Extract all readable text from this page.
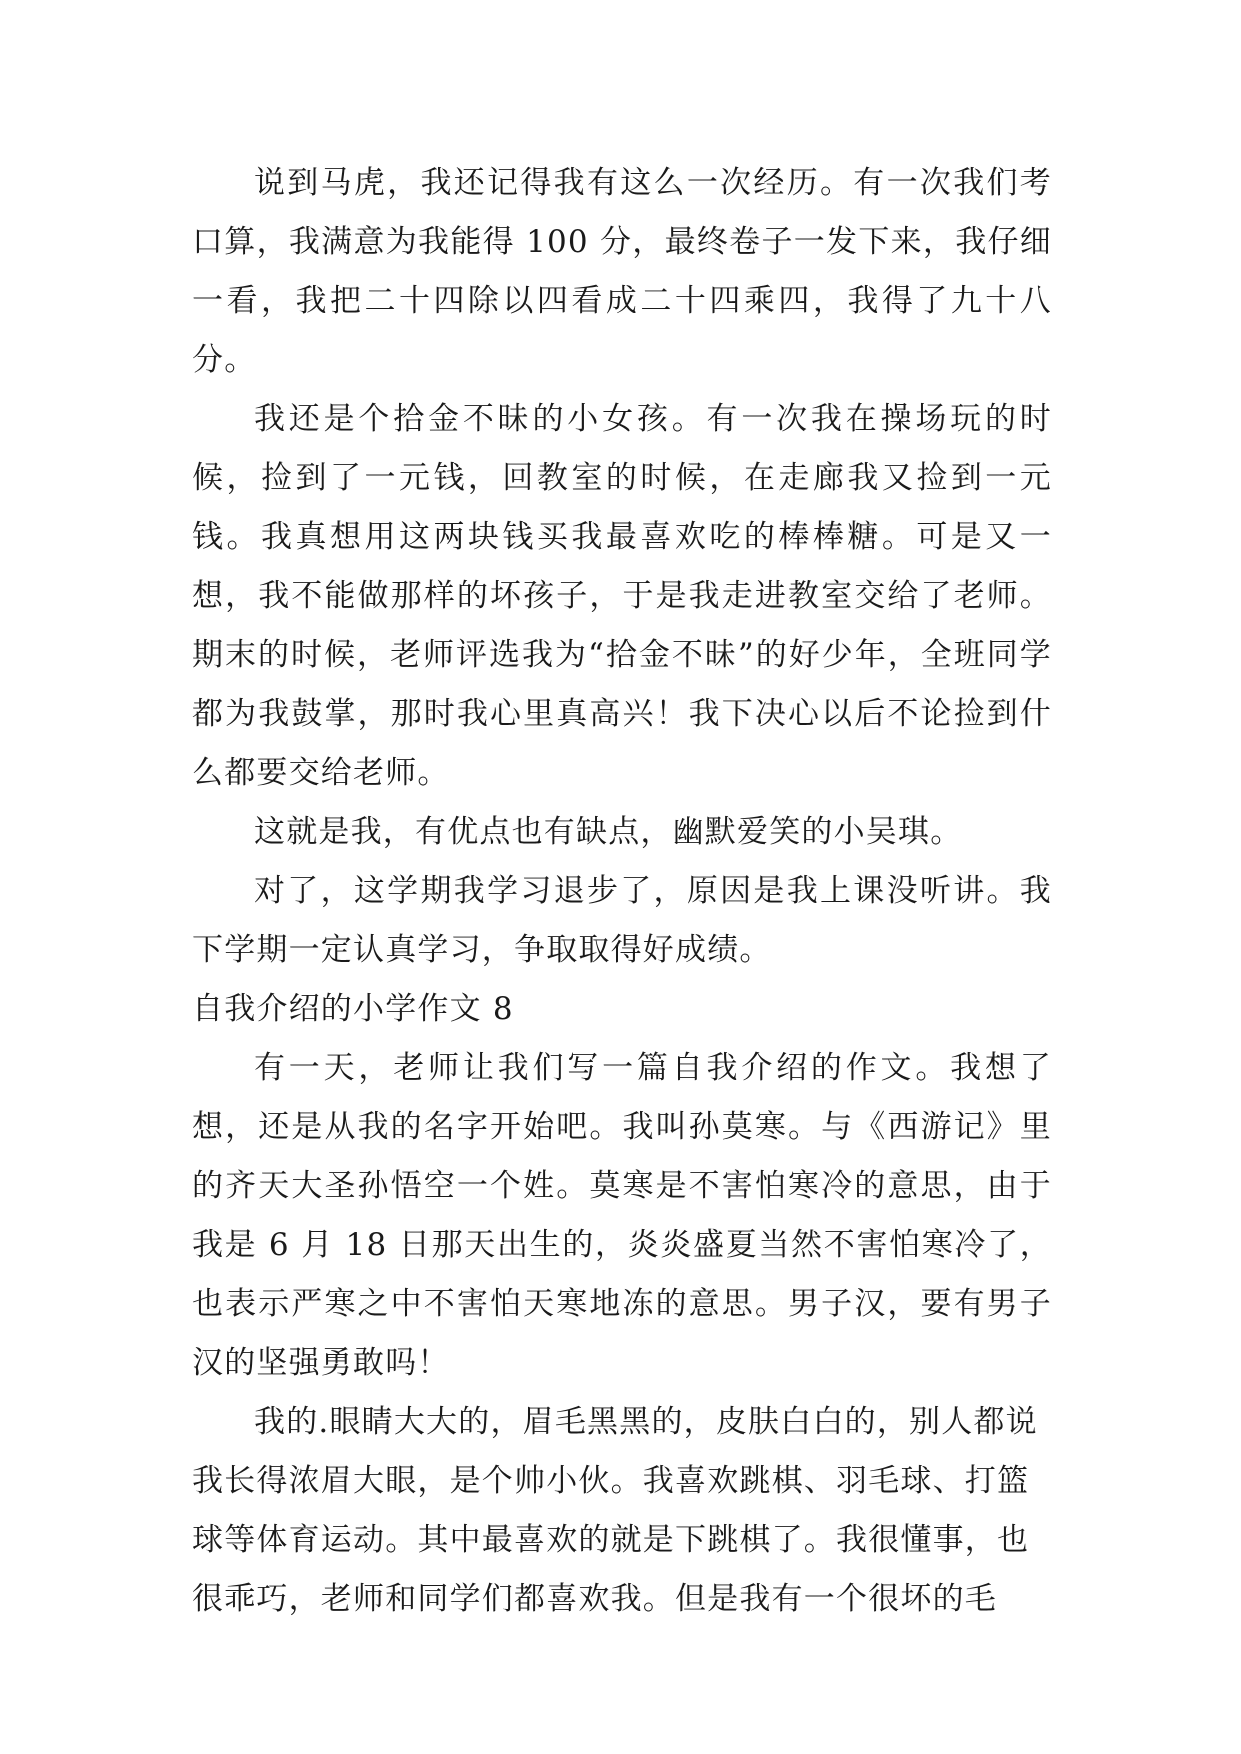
说到马虎，我还记得我有这么一次经历。有一次我们考口算，我满意为我能得 100 分，最终卷子一发下来，我仔细一看，我把二十四除以四看成二十四乘四，我得了九十八分。

我还是个拾金不昧的小女孩。有一次我在操场玩的时候，捡到了一元钱，回教室的时候，在走廊我又捡到一元钱。我真想用这两块钱买我最喜欢吃的棒棒糖。可是又一想，我不能做那样的坏孩子，于是我走进教室交给了老师。期末的时候，老师评选我为“拾金不昧”的好少年，全班同学都为我鼓掌，那时我心里真高兴！我下决心以后不论捡到什么都要交给老师。

这就是我，有优点也有缺点，幽默爱笑的小吴琪。

对了，这学期我学习退步了，原因是我上课没听讲。我下学期一定认真学习，争取取得好成绩。

自我介绍的小学作文 8

有一天，老师让我们写一篇自我介绍的作文。我想了想，还是从我的名字开始吧。我叫孙莫寒。与《西游记》里的齐天大圣孙悟空一个姓。莫寒是不害怕寒冷的意思，由于我是 6 月 18 日那天出生的，炎炎盛夏当然不害怕寒冷了，也表示严寒之中不害怕天寒地冻的意思。男子汉，要有男子汉的坚强勇敢吗！

我的.眼睛大大的，眉毛黑黑的，皮肤白白的，别人都说我长得浓眉大眼，是个帅小伙。我喜欢跳棋、羽毛球、打篮球等体育运动。其中最喜欢的就是下跳棋了。我很懂事，也很乖巧，老师和同学们都喜欢我。但是我有一个很坏的毛
